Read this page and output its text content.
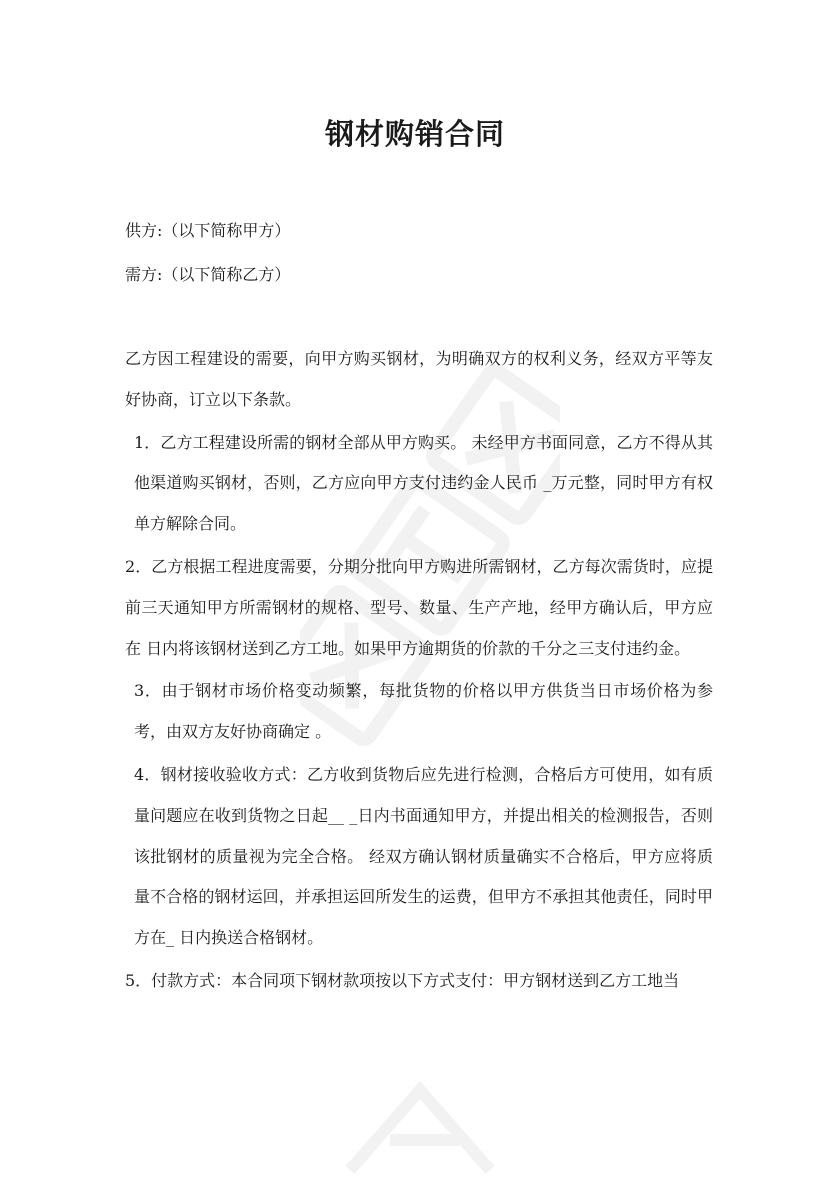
钢材购销合同

供方:（以下简称甲方）

需方:（以下简称乙方）

乙方因工程建设的需要，向甲方购买钢材，为明确双方的权利义务，经双方平等友好协商，订立以下条款。

1．乙方工程建设所需的钢材全部从甲方购买。 未经甲方书面同意，乙方不得从其他渠道购买钢材，否则，乙方应向甲方支付违约金人民币 _万元整，同时甲方有权单方解除合同。

2．乙方根据工程进度需要，分期分批向甲方购进所需钢材，乙方每次需货时，应提前三天通知甲方所需钢材的规格、型号、数量、生产产地，经甲方确认后，甲方应在 日内将该钢材送到乙方工地。如果甲方逾期货的价款的千分之三支付违约金。

3．由于钢材市场价格变动频繁，每批货物的价格以甲方供货当日市场价格为参考，由双方友好协商确定 。

4．钢材接收验收方式：乙方收到货物后应先进行检测，合格后方可使用，如有质量问题应在收到货物之日起__ _日内书面通知甲方，并提出相关的检测报告，否则该批钢材的质量视为完全合格。 经双方确认钢材质量确实不合格后，甲方应将质量不合格的钢材运回，并承担运回所发生的运费，但甲方不承担其他责任，同时甲方在_ 日内换送合格钢材。

5．付款方式：本合同项下钢材款项按以下方式支付：甲方钢材送到乙方工地当
